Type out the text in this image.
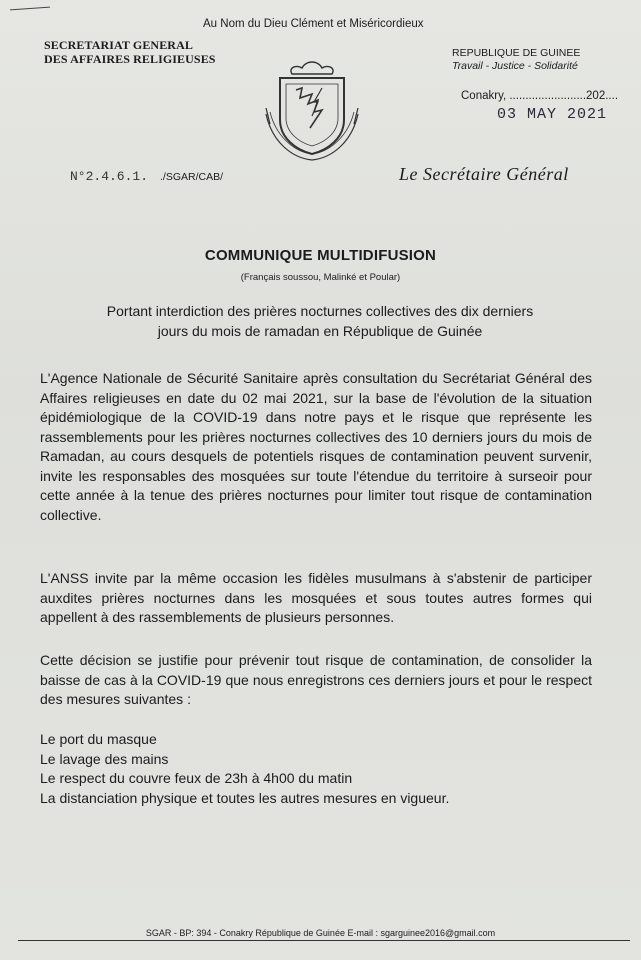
Au Nom du Dieu Clément et Miséricordieux
SECRETARIAT GENERAL
DES AFFAIRES RELIGIEUSES	REPUBLIQUE DE GUINEE
Travail - Justice - Solidarité
Conakry, ........................202....
03 MAY 2021
N°2.4.6.1. ./SGAR/CAB/	Le Secrétaire Général
COMMUNIQUE MULTIDIFUSION
(Français soussou, Malinké et Poular)
Portant interdiction des prières nocturnes collectives des dix derniers
jours du mois de ramadan en République de Guinée
L'Agence Nationale de Sécurité Sanitaire après consultation du Secrétariat Général des Affaires religieuses en date du 02 mai 2021, sur la base de l'évolution de la situation épidémiologique de la COVID-19 dans notre pays et le risque que représente les rassemblements pour les prières nocturnes collectives des 10 derniers jours du mois de Ramadan, au cours desquels de potentiels risques de contamination peuvent survenir, invite les responsables des mosquées sur toute l'étendue du territoire à surseoir pour cette année à la tenue des prières nocturnes pour limiter tout risque de contamination collective.
L'ANSS invite par la même occasion les fidèles musulmans à s'abstenir de participer auxdites prières nocturnes dans les mosquées et sous toutes autres formes qui appellent à des rassemblements de plusieurs personnes.
Cette décision se justifie pour prévenir tout risque de contamination, de consolider la baisse de cas à la COVID-19 que nous enregistrons ces derniers jours et pour le respect des mesures suivantes :
Le port du masque
Le lavage des mains
Le respect du couvre feux de 23h à 4h00 du matin
La distanciation physique et toutes les autres mesures en vigueur.
SGAR - BP: 394 - Conakry République de Guinée E-mail : sgarguinee2016@gmail.com
